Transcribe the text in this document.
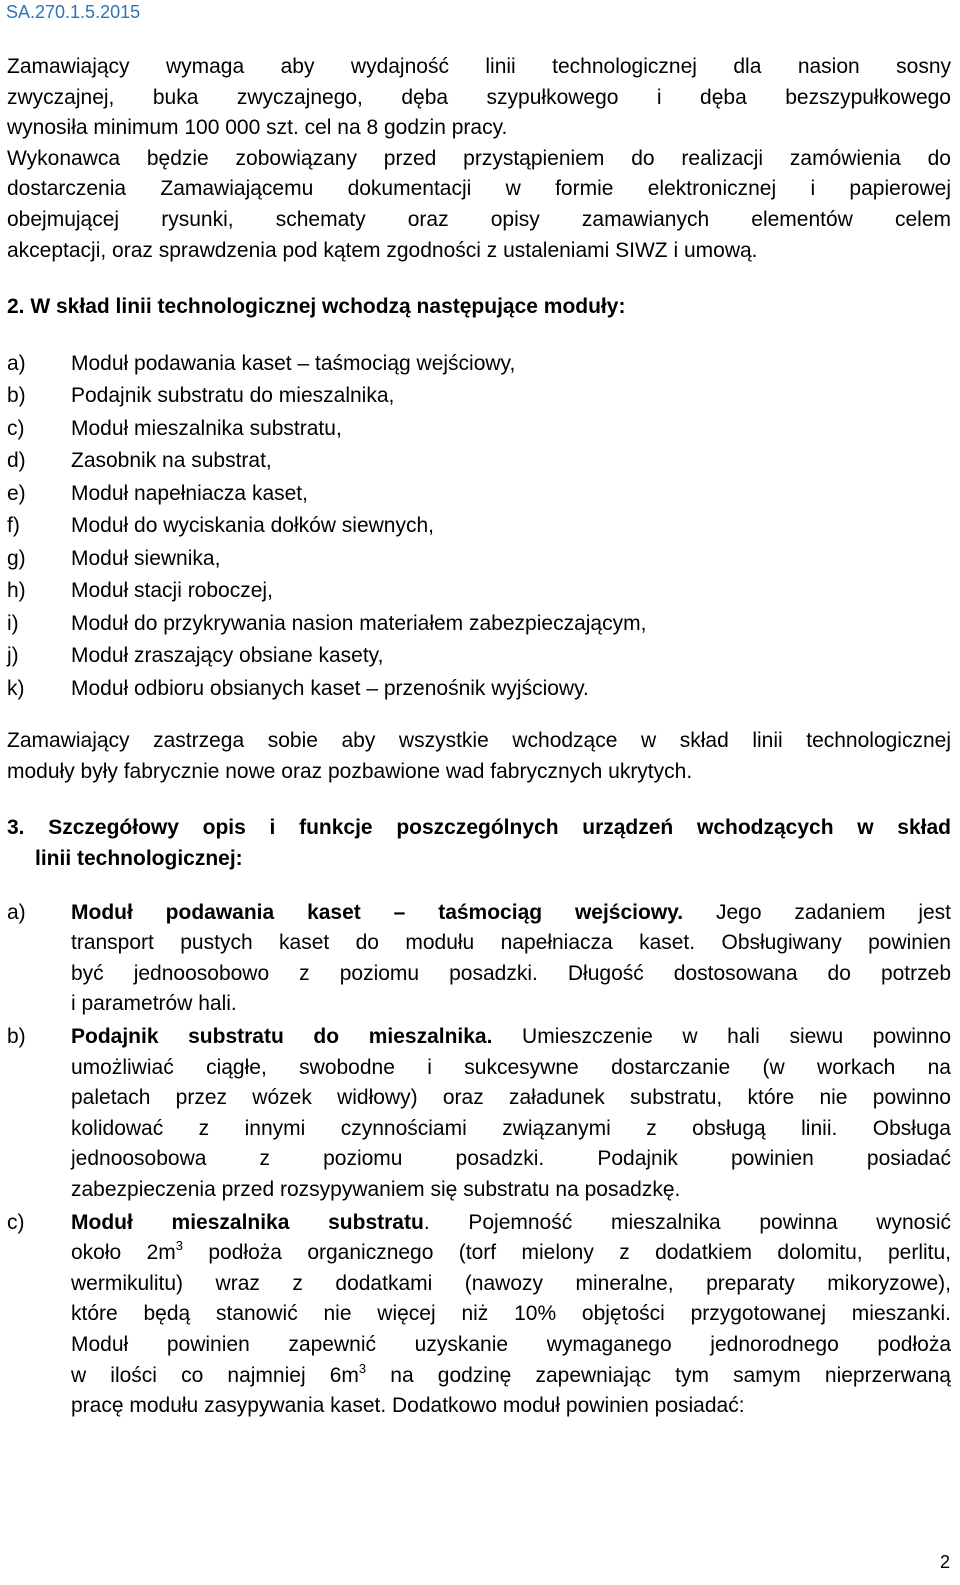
SA.270.1.5.2015

Zamawiający wymaga aby wydajność linii technologicznej dla nasion sosny
zwyczajnej, buka zwyczajnego, dęba szypułkowego i dęba bezszypułkowego
wynosiła minimum 100 000 szt. cel na 8 godzin pracy.

Wykonawca będzie zobowiązany przed przystąpieniem do realizacji zamówienia do
dostarczenia Zamawiającemu dokumentacji w formie elektronicznej i papierowej
obejmującej rysunki, schematy oraz opisy zamawianych elementów celem
akceptacji, oraz sprawdzenia pod kątem zgodności z ustaleniami SIWZ i umową.

2. W skład linii technologicznej wchodzą następujące moduły:

a)	Moduł podawania kaset – taśmociąg wejściowy,
b)	Podajnik substratu do mieszalnika,
c)	Moduł mieszalnika substratu,
d)	Zasobnik na substrat,
e)	Moduł napełniacza kaset,
f)	Moduł do wyciskania dołków siewnych,
g)	Moduł siewnika,
h)	Moduł stacji roboczej,
i)	Moduł do przykrywania nasion materiałem zabezpieczającym,
j)	Moduł zraszający obsiane kasety,
k)	Moduł odbioru obsianych kaset – przenośnik wyjściowy.

Zamawiający zastrzega sobie aby wszystkie wchodzące w skład linii technologicznej
moduły były fabrycznie nowe oraz pozbawione wad fabrycznych ukrytych.

3. Szczegółowy opis i funkcje poszczególnych urządzeń wchodzących w skład
linii technologicznej:

a)	Moduł podawania kaset – taśmociąg wejściowy. Jego zadaniem jest
transport pustych kaset do modułu napełniacza kaset. Obsługiwany powinien
być jednoosobowo z poziomu posadzki. Długość dostosowana do potrzeb
i parametrów hali.
b)	Podajnik substratu do mieszalnika. Umieszczenie w hali siewu powinno
umożliwiać ciągłe, swobodne i sukcesywne dostarczanie (w workach na
paletach przez wózek widłowy) oraz załadunek substratu, które nie powinno
kolidować z innymi czynnościami związanymi z obsługą linii. Obsługa
jednoosobowa z poziomu posadzki. Podajnik powinien posiadać
zabezpieczenia przed rozsypywaniem się substratu na posadzkę.
c)	Moduł mieszalnika substratu. Pojemność mieszalnika powinna wynosić
około $2m^3$ podłoża organicznego (torf mielony z dodatkiem dolomitu, perlitu,
wermikulitu) wraz z dodatkami (nawozy mineralne, preparaty mikoryzowe),
które będą stanowić nie więcej niż 10% objętości przygotowanej mieszanki.
Moduł powinien zapewnić uzyskanie wymaganego jednorodnego podłoża
w ilości co najmniej $6m^3$ na godzinę zapewniając tym samym nieprzerwaną
pracę modułu zasypywania kaset. Dodatkowo moduł powinien posiadać:
2
